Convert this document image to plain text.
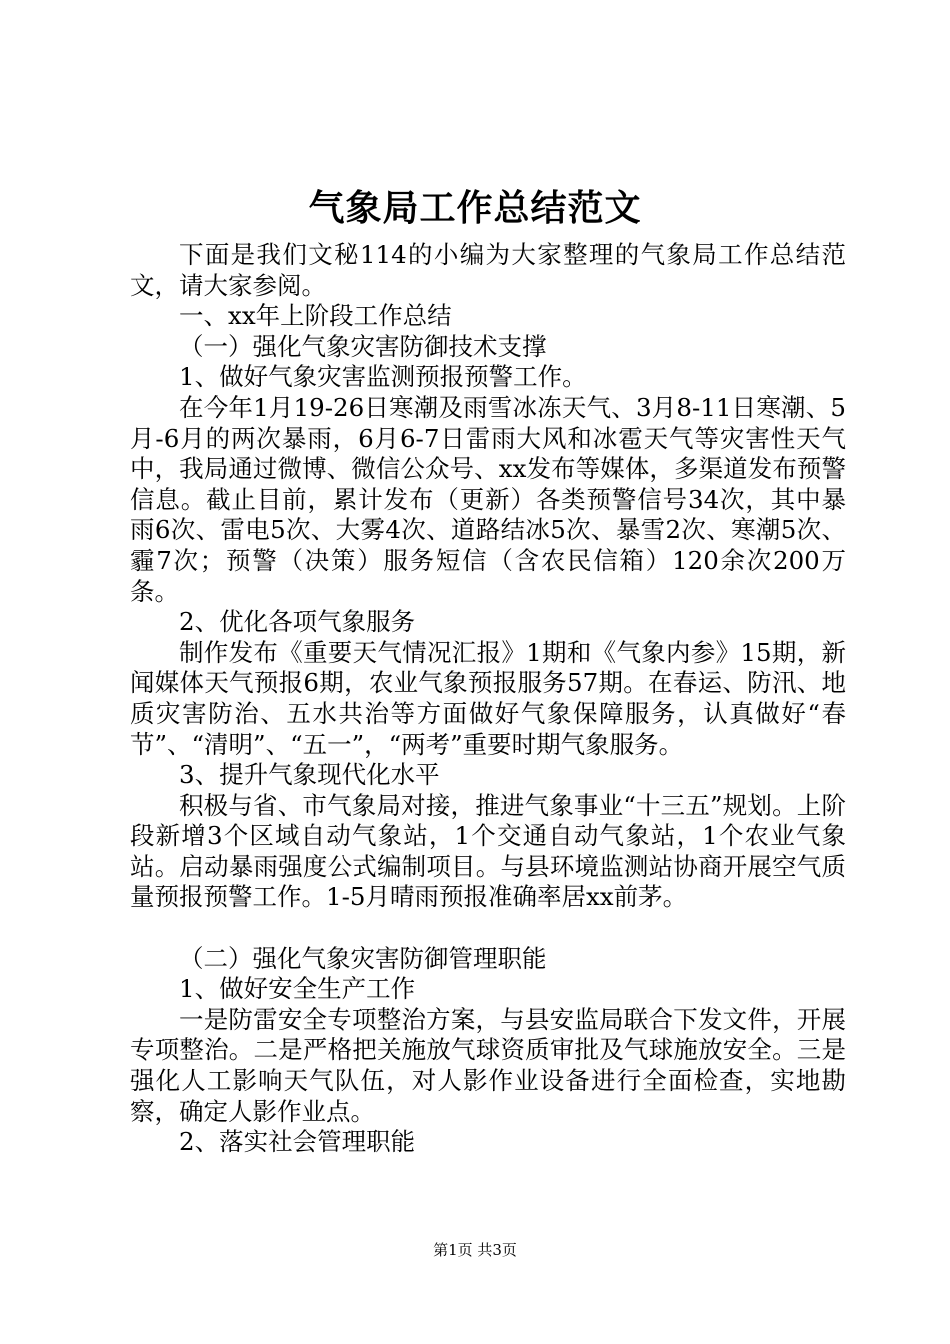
气象局工作总结范文

下面是我们文秘114的小编为大家整理的气象局工作总结范文，请大家参阅。

一、xx年上阶段工作总结

（一）强化气象灾害防御技术支撑

1、做好气象灾害监测预报预警工作。

在今年1月19-26日寒潮及雨雪冰冻天气、3月8-11日寒潮、5月-6月的两次暴雨，6月6-7日雷雨大风和冰雹天气等灾害性天气中，我局通过微博、微信公众号、xx发布等媒体，多渠道发布预警信息。截止目前，累计发布（更新）各类预警信号34次，其中暴雨6次、雷电5次、大雾4次、道路结冰5次、暴雪2次、寒潮5次、霾7次；预警（决策）服务短信（含农民信箱）120余次200万条。

2、优化各项气象服务

制作发布《重要天气情况汇报》1期和《气象内参》15期，新闻媒体天气预报6期，农业气象预报服务57期。在春运、防汛、地质灾害防治、五水共治等方面做好气象保障服务，认真做好“春节”、“清明”、“五一”，“两考”重要时期气象服务。

3、提升气象现代化水平

积极与省、市气象局对接，推进气象事业“十三五”规划。上阶段新增3个区域自动气象站，1个交通自动气象站，1个农业气象站。启动暴雨强度公式编制项目。与县环境监测站协商开展空气质量预报预警工作。1-5月晴雨预报准确率居xx前茅。

（二）强化气象灾害防御管理职能

1、做好安全生产工作

一是防雷安全专项整治方案，与县安监局联合下发文件，开展专项整治。二是严格把关施放气球资质审批及气球施放安全。三是强化人工影响天气队伍，对人影作业设备进行全面检查，实地勘察，确定人影作业点。

2、落实社会管理职能

第1页 共3页
